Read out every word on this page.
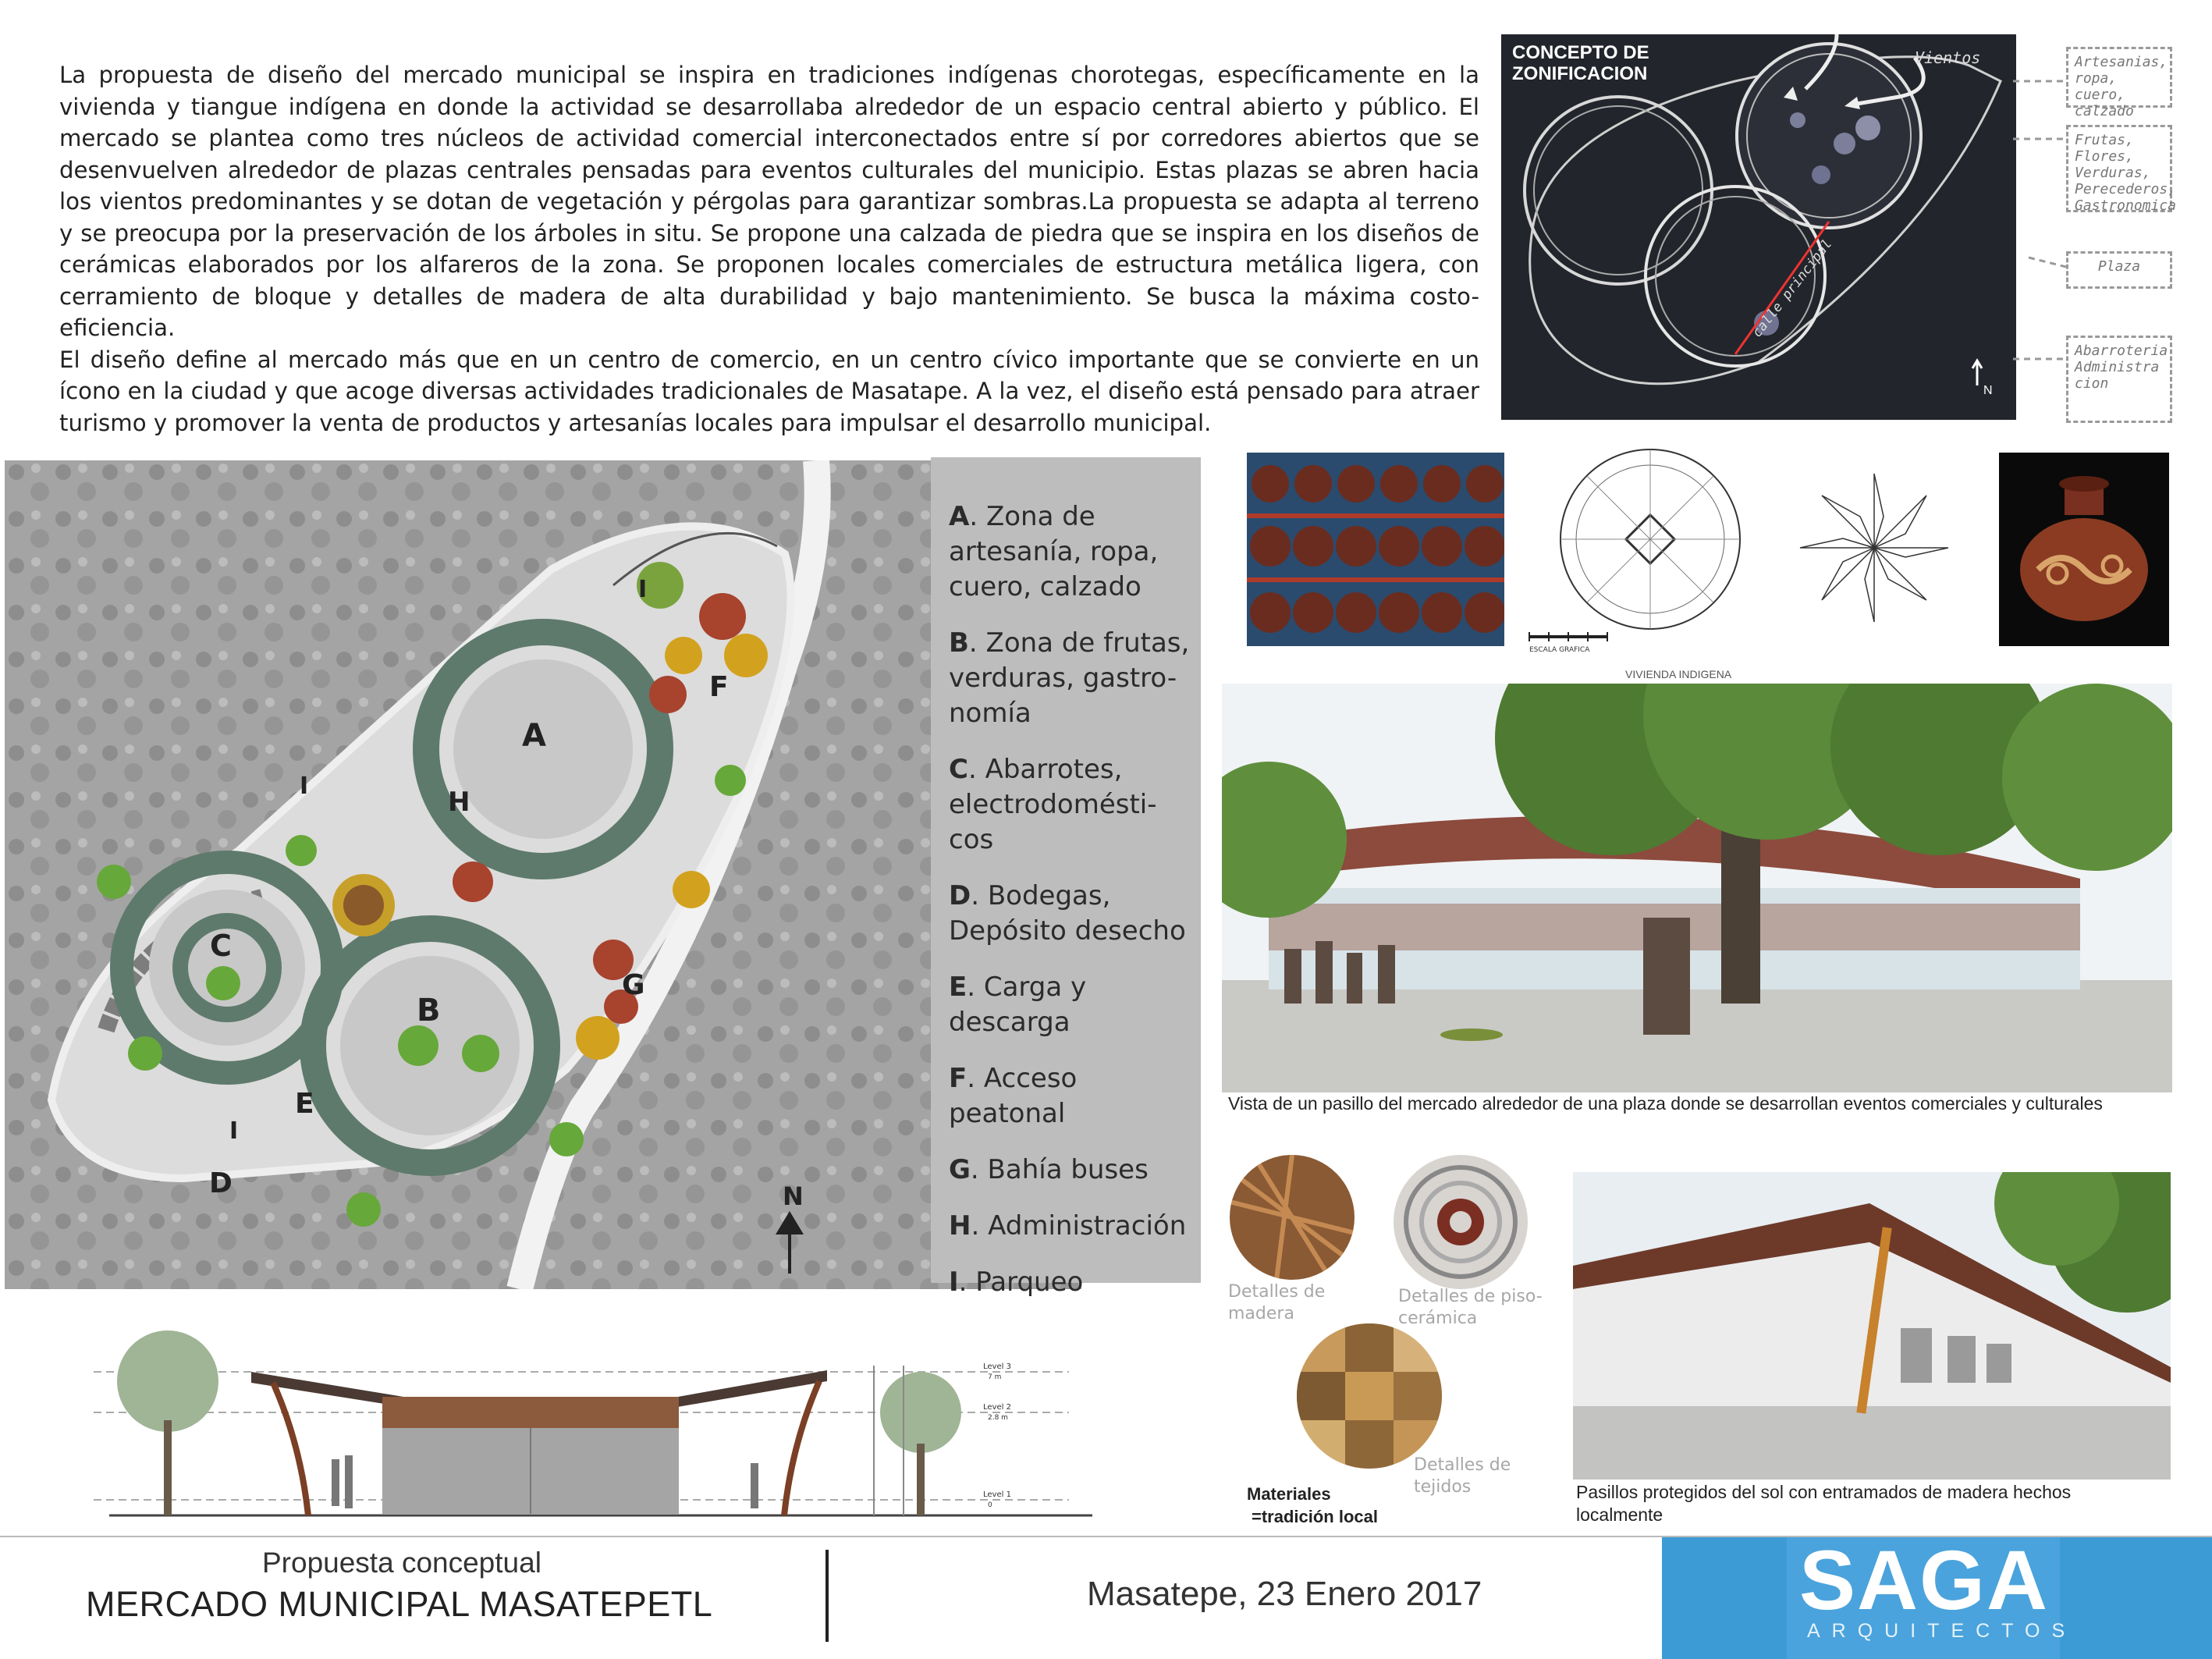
La propuesta de diseño del mercado municipal se inspira en tradiciones indígenas chorotegas, específicamente en la vivienda y tiangue indígena en donde la actividad se desarrollaba alrededor de un espacio central abierto y público. El mercado se plantea como tres núcleos de actividad comercial interconectados entre sí por corredores abiertos que se desenvuelven alrededor de plazas centrales pensadas para eventos culturales del municipio. Estas plazas se abren hacia los vientos predominantes y se dotan de vegetación y pérgolas para garantizar sombras.La propuesta se adapta al terreno y se preocupa por la preservación de los árboles in situ. Se propone una calzada de piedra que se inspira en los diseños de cerámicas elaborados por los alfareros de la zona. Se proponen locales comerciales de estructura metálica ligera, con cerramiento de bloque y detalles de madera de alta durabilidad y bajo mantenimiento. Se busca la máxima costo-eficiencia.

El diseño define al mercado más que en un centro de comercio, en un centro cívico importante que se convierte en un ícono en la ciudad y que acoge diversas actividades tradicionales de Masatape. A la vez, el diseño está pensado para atraer turismo y promover la venta de productos y artesanías locales para impulsar el desarrollo municipal.

CONCEPTO DE
ZONIFICACION
Vientos
calle principal
N
Artesanias, ropa, cuero, calzado
Frutas, Flores, Verduras, Perecederos, Gastronomica
Plaza
Abarroteria Administra cion
A
B
C
D
E
F
G
H
I
I
I
N
A. Zona de artesanía, ropa, cuero, calzado
B. Zona de frutas, verduras, gastro-nomía
C. Abarrotes, electrodomésti-cos
D. Bodegas, Depósito desecho
E. Carga y descarga
F. Acceso peatonal
G. Bahía buses
H. Administración
I. Parqueo
ESCALA GRAFICA
VIVIENDA INDIGENA
Vista de un pasillo del mercado alrededor de una plaza donde se desarrollan eventos comerciales y culturales
Detalles de madera
Detalles de piso-cerámica
Detalles de tejidos
Materiales
=tradición local
Pasillos protegidos del sol con entramados de madera hechos localmente
Level 3
7 m
Level 2
2.8 m
Level 1
0
Propuesta conceptual
MERCADO MUNICIPAL MASATEPETL	Masatepe, 23 Enero 2017	SAGA
ARQUITECTOS
